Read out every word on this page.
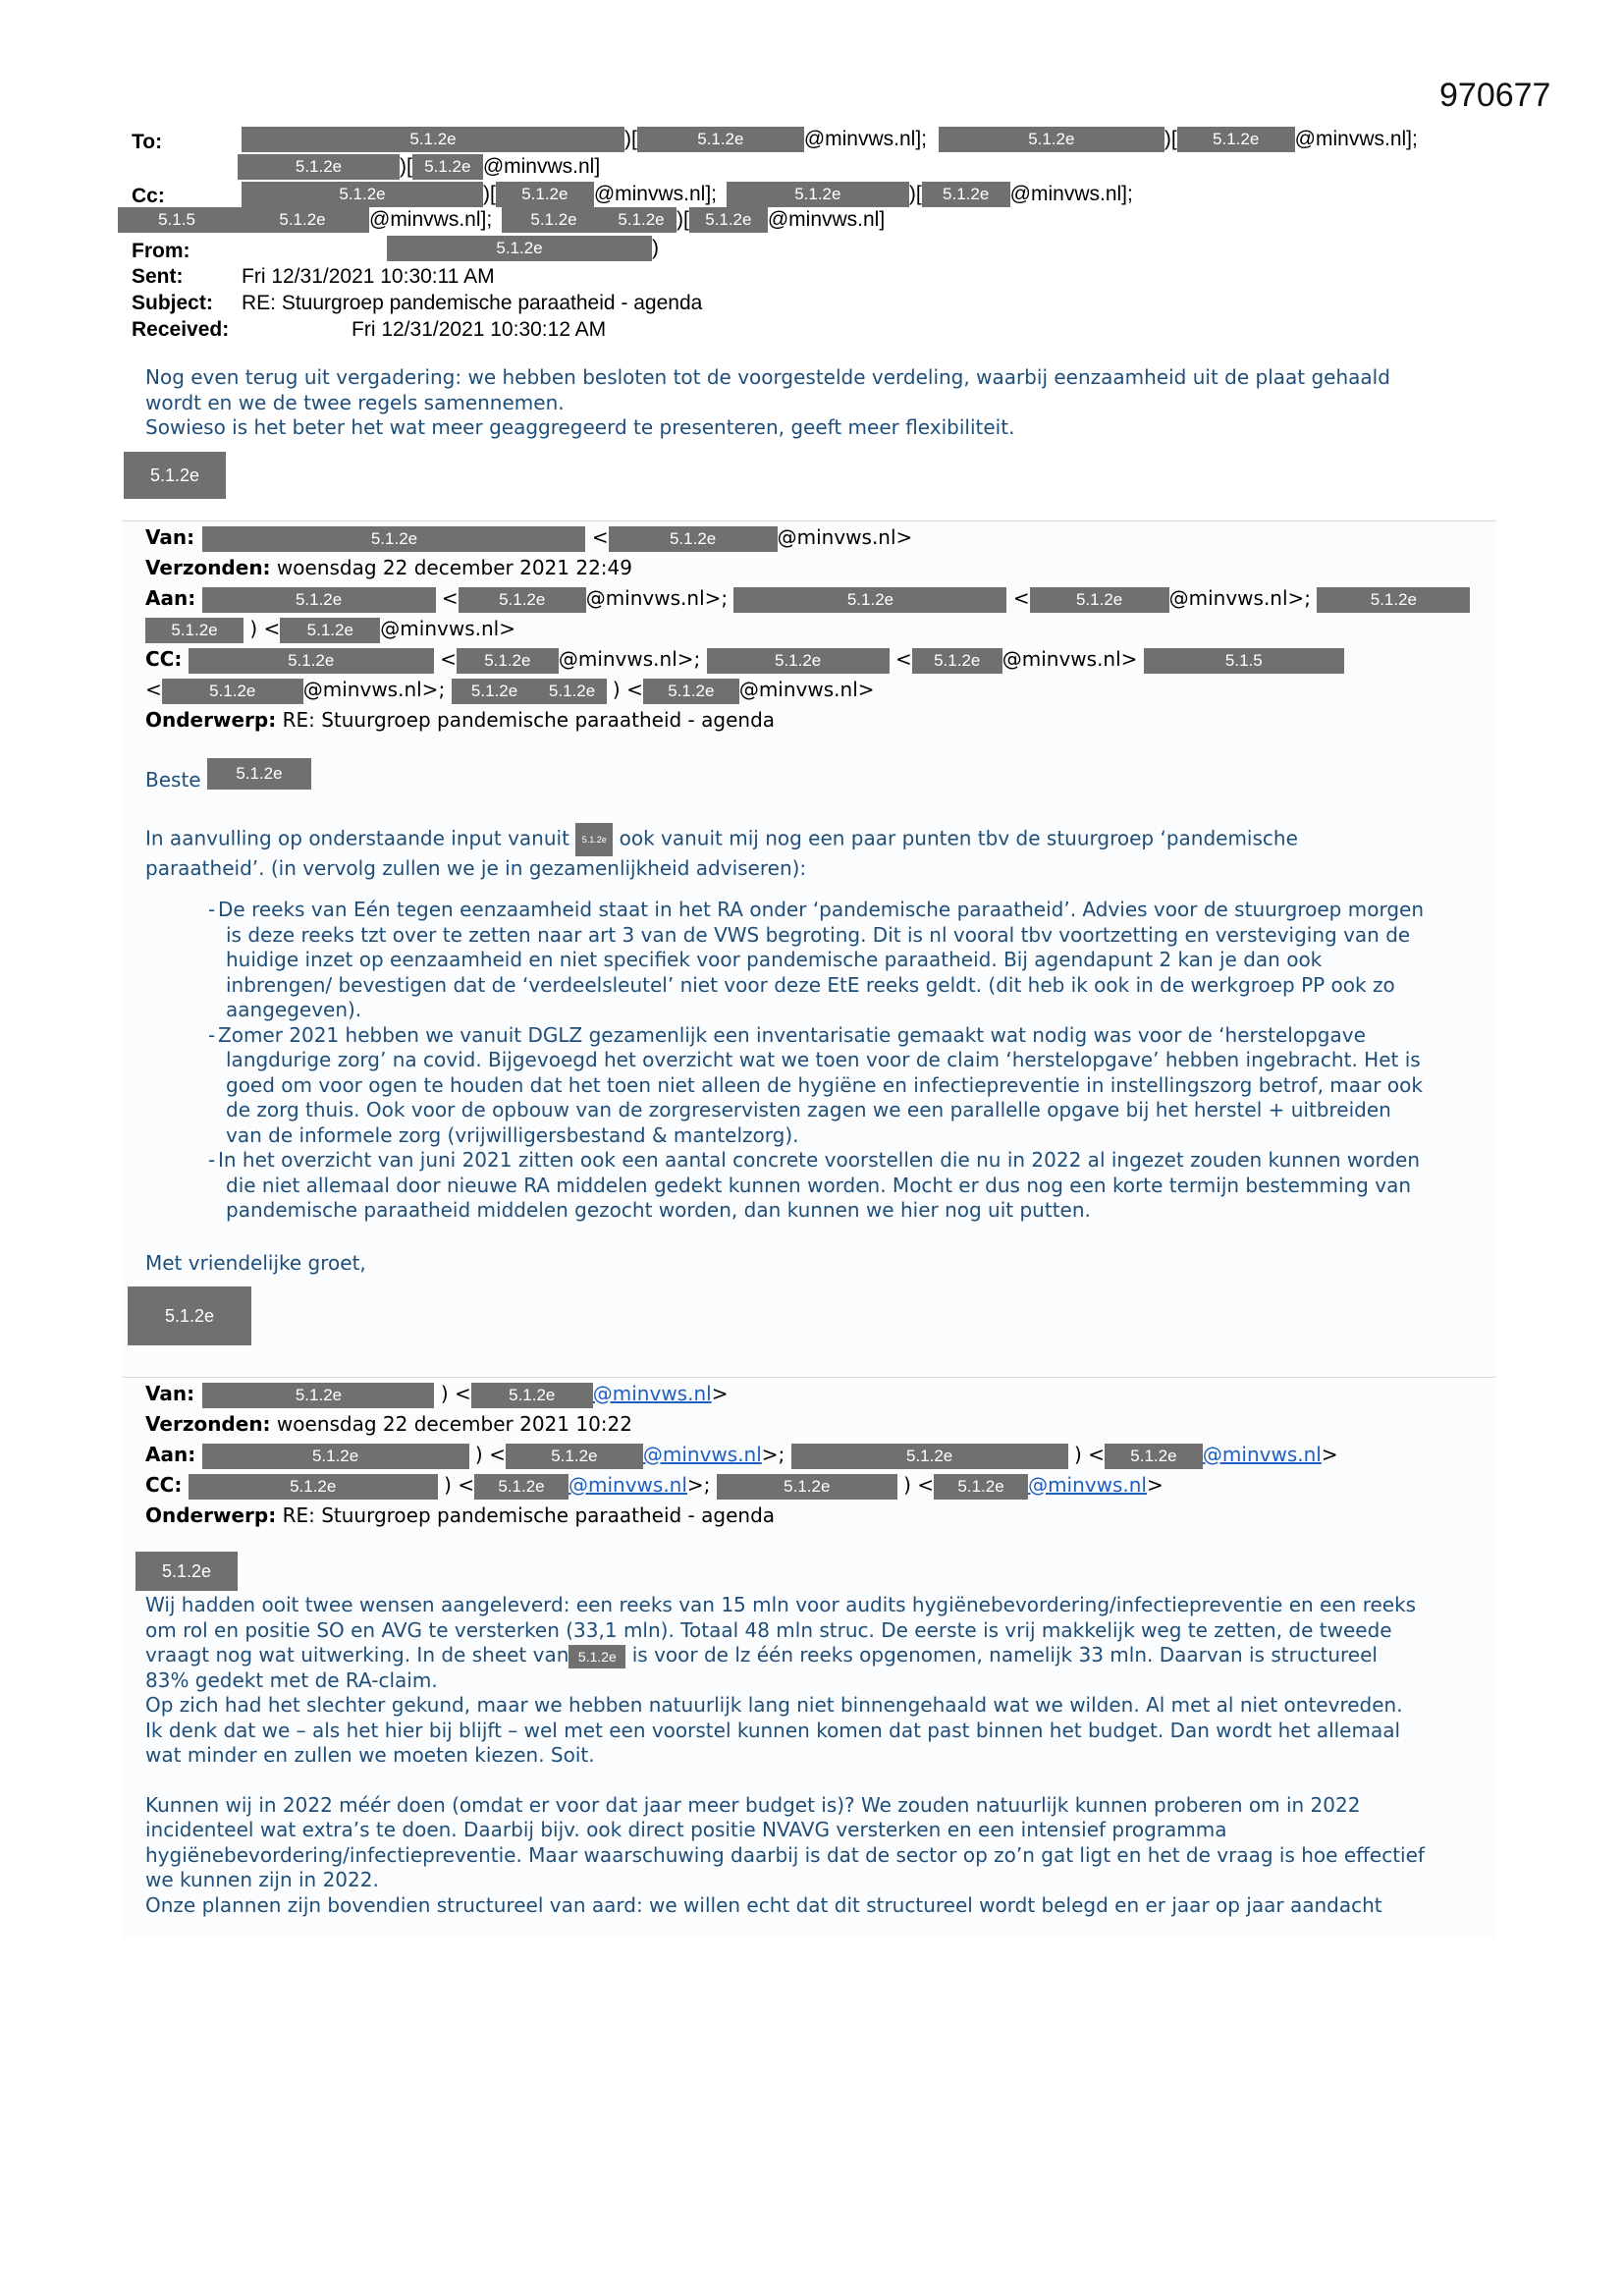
970677
To:	5.1.2e	)[	5.1.2e	@minvws.nl];	5.1.2e	)[ 5.1.2e @minvws.nl];
5.1.2e	)[ 5.1.2e @minvws.nl]
Cc:	5.1.2e	)[ 5.1.2e @minvws.nl];	5.1.2e	)[ 5.1.2e @minvws.nl];
5.1.5	5.1.2e @minvws.nl]; 5.1.2e 5.1.2e )[ 5.1.2e @minvws.nl]
From:	5.1.2e	)
Sent:	Fri 12/31/2021 10:30:11 AM
Subject: RE: Stuurgroep pandemische paraatheid - agenda
Received:	Fri 12/31/2021 10:30:12 AM
Nog even terug uit vergadering: we hebben besloten tot de voorgestelde verdeling, waarbij eenzaamheid uit de plaat gehaald
wordt en we de twee regels samennemen.
Sowieso is het beter het wat meer geaggregeerd te presenteren, geeft meer flexibiliteit.
5.1.2e
Van:	5.1.2e	<	5.1.2e	@minvws.nl>
Verzonden: woensdag 22 december 2021 22:49
Aan:	5.1.2e	< 5.1.2e @minvws.nl>;	5.1.2e	<	5.1.2e @minvws.nl>;	5.1.2e
5.1.2e ) < 5.1.2e @minvws.nl>
CC:	5.1.2e	< 5.1.2e @minvws.nl>;	5.1.2e	< 5.1.2e @minvws.nl>	5.1.5
<	5.1.2e @minvws.nl>; 5.1.2e 5.1.2e ) < 5.1.2e @minvws.nl>
Onderwerp: RE: Stuurgroep pandemische paraatheid - agenda
Beste 5.1.2e
In aanvulling op onderstaande input vanuit 5.1.2e ook vanuit mij nog een paar punten tbv de stuurgroep ‘pandemische
paraatheid’. (in vervolg zullen we je in gezamenlijkheid adviseren):
- De reeks van Eén tegen eenzaamheid staat in het RA onder ‘pandemische paraatheid’. Advies voor de stuurgroep morgen
is deze reeks tzt over te zetten naar art 3 van de VWS begroting. Dit is nl vooral tbv voortzetting en versteviging van de
huidige inzet op eenzaamheid en niet specifiek voor pandemische paraatheid. Bij agendapunt 2 kan je dan ook
inbrengen/ bevestigen dat de ‘verdeelsleutel’ niet voor deze EtE reeks geldt. (dit heb ik ook in de werkgroep PP ook zo
aangegeven).
- Zomer 2021 hebben we vanuit DGLZ gezamenlijk een inventarisatie gemaakt wat nodig was voor de ‘herstelopgave
langdurige zorg’ na covid. Bijgevoegd het overzicht wat we toen voor de claim ‘herstelopgave’ hebben ingebracht. Het is
goed om voor ogen te houden dat het toen niet alleen de hygiëne en infectiepreventie in instellingszorg betrof, maar ook
de zorg thuis. Ook voor de opbouw van de zorgreservisten zagen we een parallelle opgave bij het herstel + uitbreiden
van de informele zorg (vrijwilligersbestand & mantelzorg).
- In het overzicht van juni 2021 zitten ook een aantal concrete voorstellen die nu in 2022 al ingezet zouden kunnen worden
die niet allemaal door nieuwe RA middelen gedekt kunnen worden. Mocht er dus nog een korte termijn bestemming van
pandemische paraatheid middelen gezocht worden, dan kunnen we hier nog uit putten.
Met vriendelijke groet,
5.1.2e
Van:	5.1.2e	) < 5.1.2e @minvws.nl>
Verzonden: woensdag 22 december 2021 10:22
Aan:	5.1.2e	) <	5.1.2e @minvws.nl>;	5.1.2e	) < 5.1.2e @minvws.nl>
CC:	5.1.2e	) < 5.1.2e @minvws.nl>;	5.1.2e	) < 5.1.2e @minvws.nl>
Onderwerp: RE: Stuurgroep pandemische paraatheid - agenda
5.1.2e
Wij hadden ooit twee wensen aangeleverd: een reeks van 15 mln voor audits hygiënebevordering/infectiepreventie en een reeks
om rol en positie SO en AVG te versterken (33,1 mln). Totaal 48 mln struc. De eerste is vrij makkelijk weg te zetten, de tweede
vraagt nog wat uitwerking. In de sheet van 5.1.2e is voor de lz één reeks opgenomen, namelijk 33 mln. Daarvan is structureel
83% gedekt met de RA-claim.
Op zich had het slechter gekund, maar we hebben natuurlijk lang niet binnengehaald wat we wilden. Al met al niet ontevreden.
Ik denk dat we – als het hier bij blijft – wel met een voorstel kunnen komen dat past binnen het budget. Dan wordt het allemaal
wat minder en zullen we moeten kiezen. Soit.
Kunnen wij in 2022 méér doen (omdat er voor dat jaar meer budget is)? We zouden natuurlijk kunnen proberen om in 2022
incidenteel wat extra’s te doen. Daarbij bijv. ook direct positie NVAVG versterken en een intensief programma
hygiënebevordering/infectiepreventie. Maar waarschuwing daarbij is dat de sector op zo’n gat ligt en het de vraag is hoe effectief
we kunnen zijn in 2022.
Onze plannen zijn bovendien structureel van aard: we willen echt dat dit structureel wordt belegd en er jaar op jaar aandacht
